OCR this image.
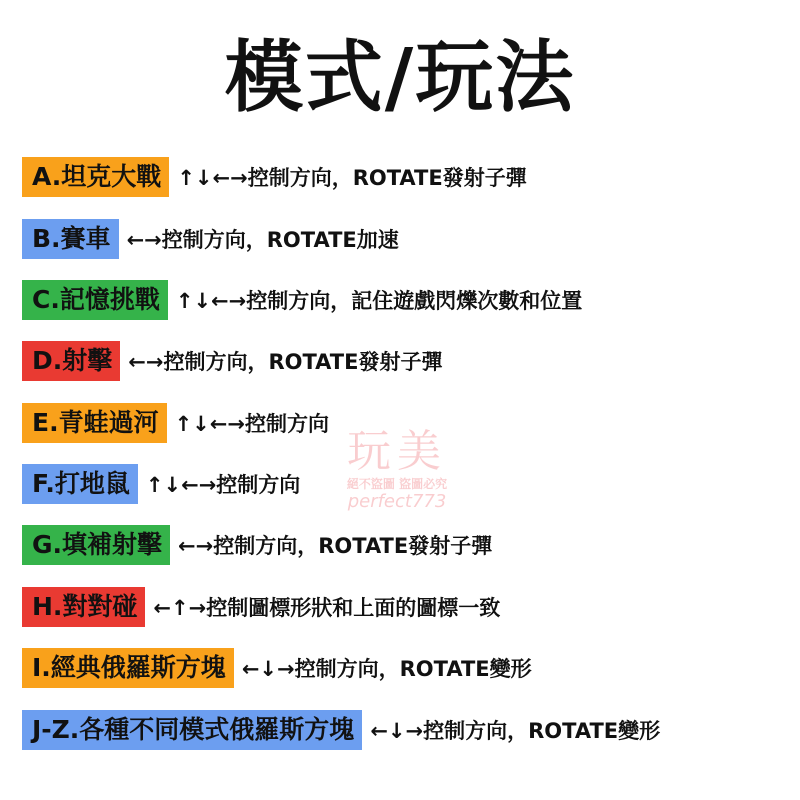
模式/玩法
A.坦克大戰 ↑↓←→控制方向，ROTATE發射子彈
B.賽車 ←→控制方向，ROTATE加速
C.記憶挑戰 ↑↓←→控制方向，記住遊戲閃爍次數和位置
D.射擊 ←→控制方向，ROTATE發射子彈
E.青蛙過河 ↑↓←→控制方向
F.打地鼠 ↑↓←→控制方向
G.填補射擊 ←→控制方向，ROTATE發射子彈
H.對對碰 ←↑→控制圖標形狀和上面的圖標一致
I.經典俄羅斯方塊 ←↓→控制方向，ROTATE變形
J-Z.各種不同模式俄羅斯方塊 ←↓→控制方向，ROTATE變形
玩美
絕不盜圖 盜圖必究
perfect773
